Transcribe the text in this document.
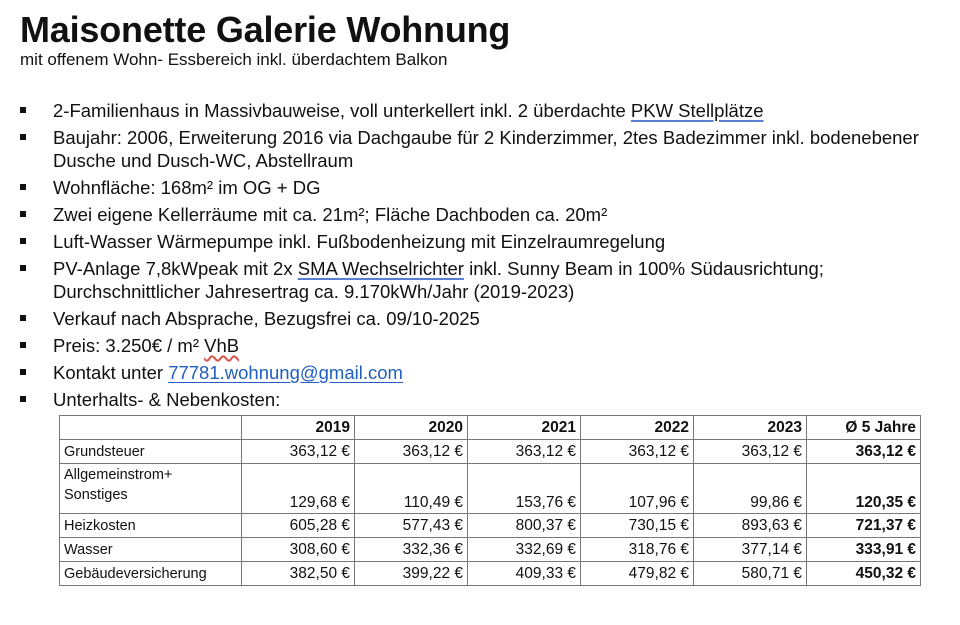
Maisonette Galerie Wohnung
mit offenem Wohn- Essbereich inkl. überdachtem Balkon
2-Familienhaus in Massivbauweise, voll unterkellert inkl. 2 überdachte PKW Stellplätze
Baujahr: 2006, Erweiterung 2016 via Dachgaube für 2 Kinderzimmer, 2tes Badezimmer inkl. bodenebener Dusche und Dusch-WC, Abstellraum
Wohnfläche: 168m² im OG + DG
Zwei eigene Kellerräume mit ca. 21m²; Fläche Dachboden ca. 20m²
Luft-Wasser Wärmepumpe inkl. Fußbodenheizung mit Einzelraumregelung
PV-Anlage 7,8kWpeak mit 2x SMA Wechselrichter inkl. Sunny Beam in 100% Südausrichtung; Durchschnittlicher Jahresertrag ca. 9.170kWh/Jahr (2019-2023)
Verkauf nach Absprache, Bezugsfrei ca. 09/10-2025
Preis: 3.250€ / m² VhB
Kontakt unter 77781.wohnung@gmail.com
Unterhalts- & Nebenkosten:
	2019	2020	2021	2022	2023	Ø 5 Jahre
Grundsteuer	363,12 €	363,12 €	363,12 €	363,12 €	363,12 €	363,12 €
Allgemeinstrom+
Sonstiges	129,68 €	110,49 €	153,76 €	107,96 €	99,86 €	120,35 €
Heizkosten	605,28 €	577,43 €	800,37 €	730,15 €	893,63 €	721,37 €
Wasser	308,60 €	332,36 €	332,69 €	318,76 €	377,14 €	333,91 €
Gebäudeversicherung	382,50 €	399,22 €	409,33 €	479,82 €	580,71 €	450,32 €
